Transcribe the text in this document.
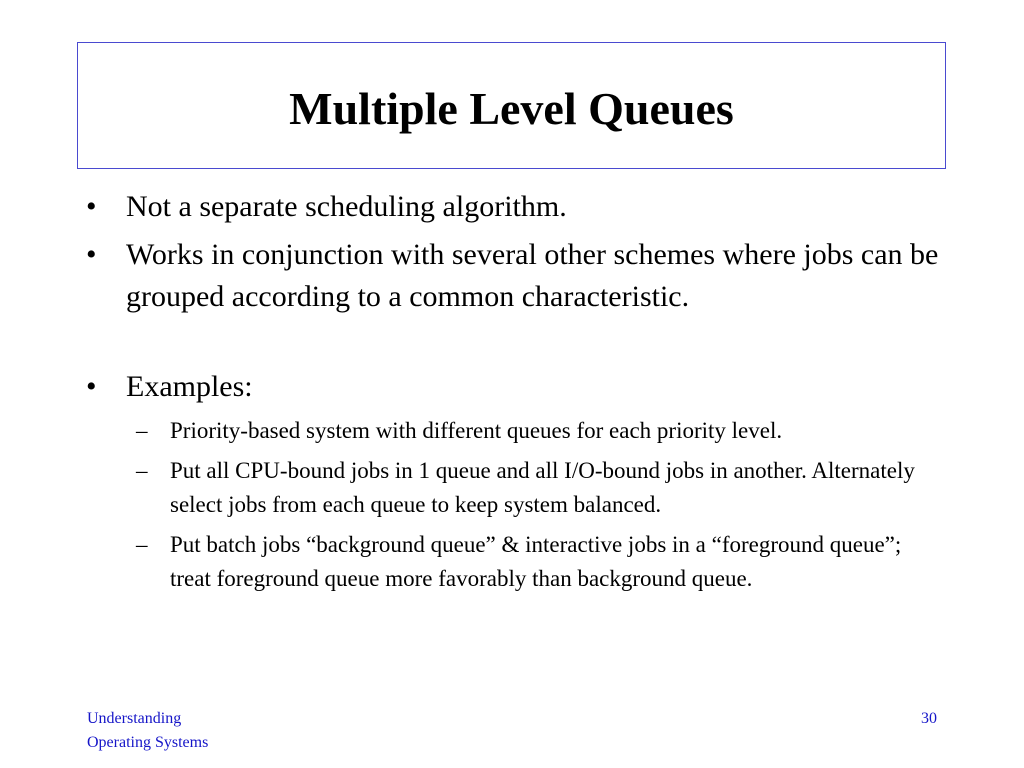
Multiple Level Queues
• Not a separate scheduling algorithm.
• Works in conjunction with several other schemes where jobs can be grouped according to a common characteristic.
• Examples:
– Priority-based system with different queues for each priority level.
– Put all CPU-bound jobs in 1 queue and all I/O-bound jobs in another. Alternately select jobs from each queue to keep system balanced.
– Put batch jobs “background queue” & interactive jobs in a “foreground queue”; treat foreground queue more favorably than background queue.
Understanding
Operating Systems
30
